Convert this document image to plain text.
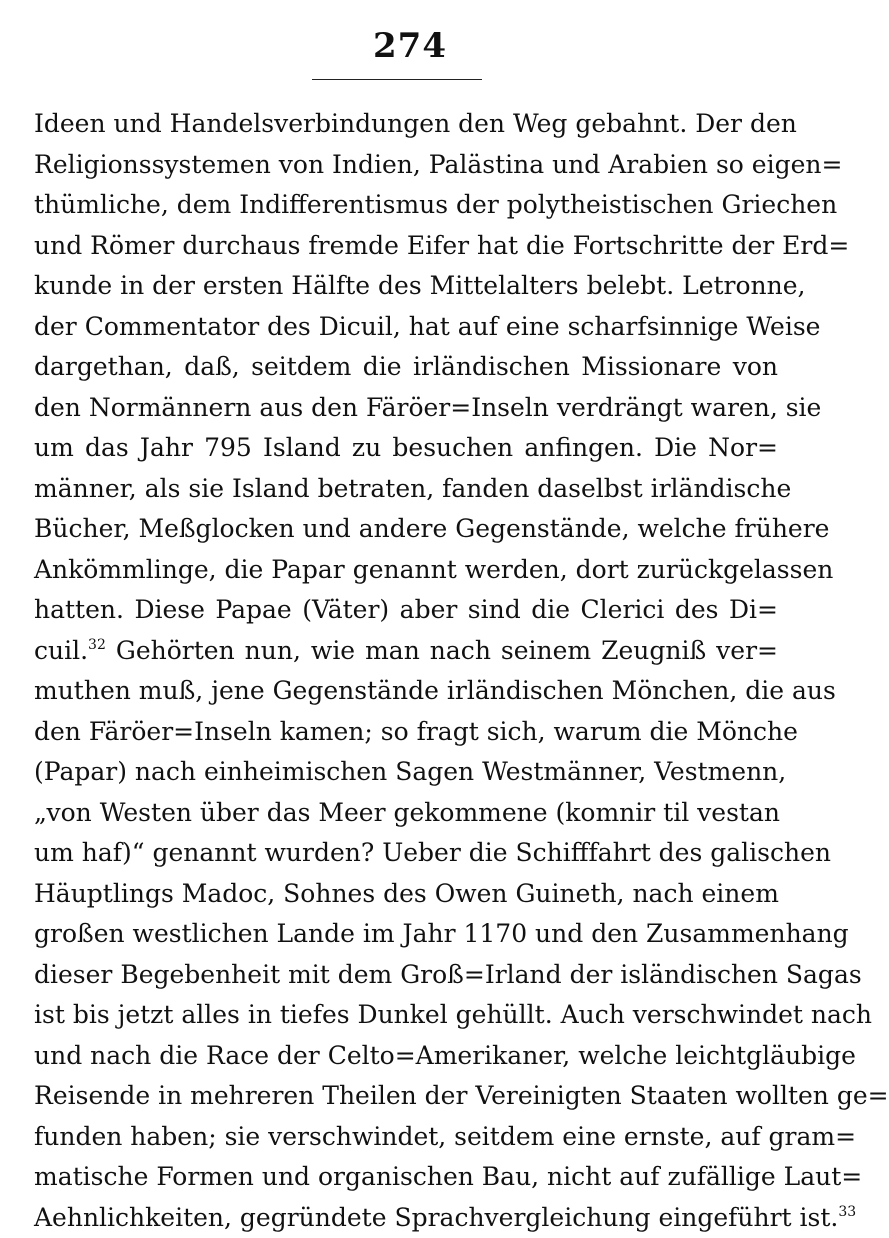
274
Ideen und Handelsverbindungen den Weg gebahnt. Der den
Religionssystemen von Indien, Palästina und Arabien so eigen=
thümliche, dem Indifferentismus der polytheistischen Griechen
und Römer durchaus fremde Eifer hat die Fortschritte der Erd=
kunde in der ersten Hälfte des Mittelalters belebt. Letronne,
der Commentator des Dicuil, hat auf eine scharfsinnige Weise
dargethan, daß, seitdem die irländischen Missionare von
den Normännern aus den Färöer=Inseln verdrängt waren, sie
um das Jahr 795 Island zu besuchen anfingen. Die Nor=
männer, als sie Island betraten, fanden daselbst irländische
Bücher, Meßglocken und andere Gegenstände, welche frühere
Ankömmlinge, die Papar genannt werden, dort zurückgelassen
hatten. Diese Papae (Väter) aber sind die Clerici des Di=
cuil.$^{32}$ Gehörten nun, wie man nach seinem Zeugniß ver=
muthen muß, jene Gegenstände irländischen Mönchen, die aus
den Färöer=Inseln kamen; so fragt sich, warum die Mönche
(Papar) nach einheimischen Sagen Westmänner, Vestmenn,
„von Westen über das Meer gekommene (komnir til vestan
um haf)“ genannt wurden? Ueber die Schifffahrt des galischen
Häuptlings Madoc, Sohnes des Owen Guineth, nach einem
großen westlichen Lande im Jahr 1170 und den Zusammenhang
dieser Begebenheit mit dem Groß=Irland der isländischen Sagas
ist bis jetzt alles in tiefes Dunkel gehüllt. Auch verschwindet nach
und nach die Race der Celto=Amerikaner, welche leichtgläubige
Reisende in mehreren Theilen der Vereinigten Staaten wollten ge=
funden haben; sie verschwindet, seitdem eine ernste, auf gram=
matische Formen und organischen Bau, nicht auf zufällige Laut=
Aehnlichkeiten, gegründete Sprachvergleichung eingeführt ist.$^{33}$
